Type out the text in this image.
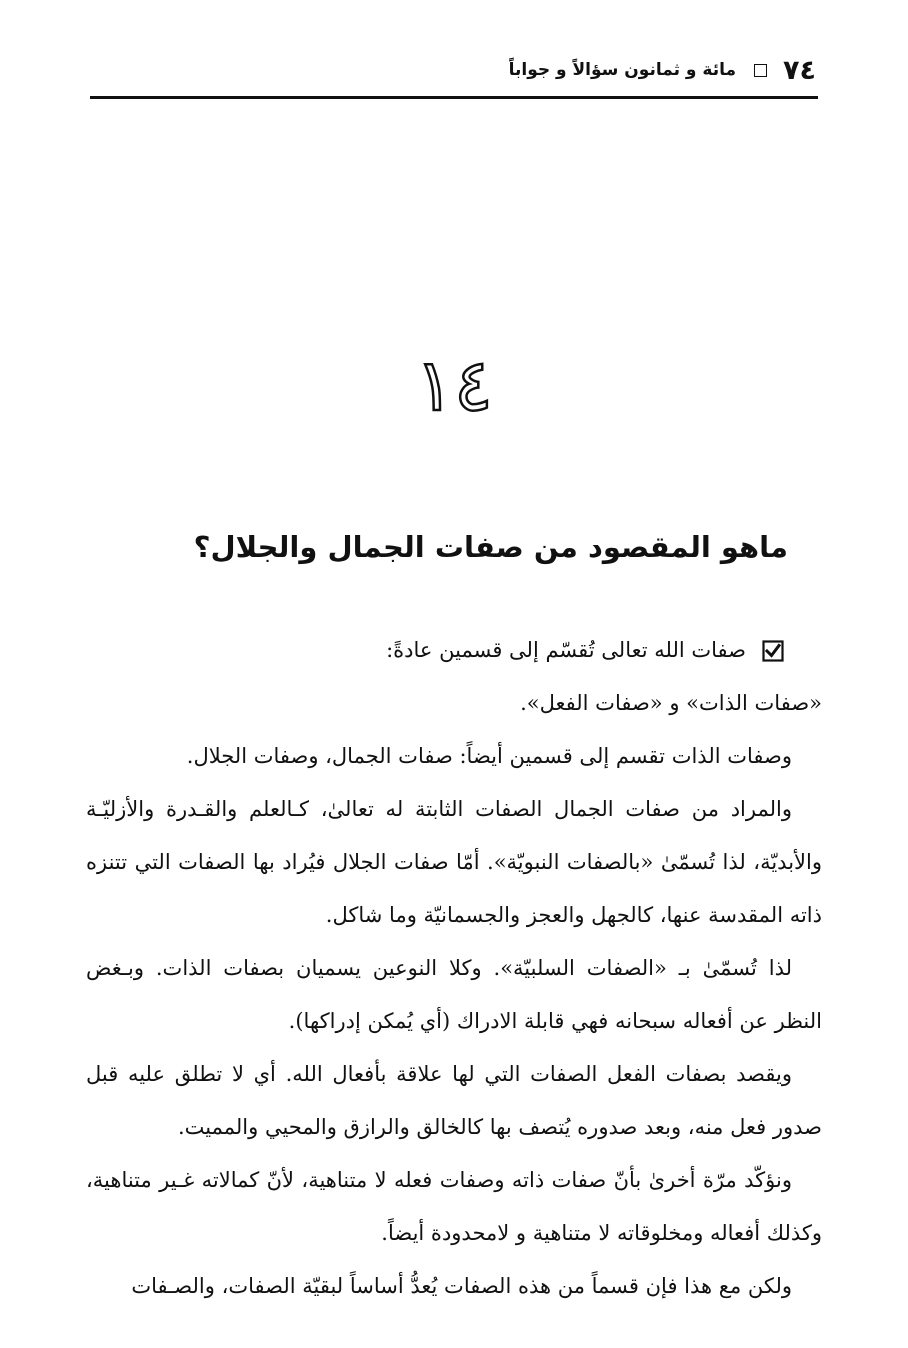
٧٤
مائة و ثمانون سؤالاً و جواباً
١٤
ماهو المقصود من صفات الجمال والجلال؟
صفات الله تعالى تُقسّم إلى قسمين عادةً:

«صفات الذات» و «صفات الفعل».

وصفات الذات تقسم إلى قسمين أيضاً: صفات الجمال، وصفات الجلال.

والمراد من صفات الجمال الصفات الثابتة له تعالىٰ، كـالعلم والقـدرة والأزليّـة والأبديّة، لذا تُسمّىٰ «بالصفات النبويّة». أمّا صفات الجلال فيُراد بها الصفات التي تتنزه ذاته المقدسة عنها، كالجهل والعجز والجسمانيّة وما شاكل.

لذا تُسمّىٰ بـ «الصفات السلبيّة». وكلا النوعين يسميان بصفات الذات. وبـغض النظر عن أفعاله سبحانه فهي قابلة الادراك (أي يُمكن إدراكها).

ويقصد بصفات الفعل الصفات التي لها علاقة بأفعال الله. أي لا تطلق عليه قبل صدور فعل منه، وبعد صدوره يُتصف بها كالخالق والرازق والمحيي والمميت.

ونؤكّد مرّة أخرىٰ بأنّ صفات ذاته وصفات فعله لا متناهية، لأنّ كمالاته غـير متناهية، وكذلك أفعاله ومخلوقاته لا متناهية و لامحدودة أيضاً.

ولكن مع هذا فإن قسماً من هذه الصفات يُعدُّ أساساً لبقيّة الصفات، والصـفات
